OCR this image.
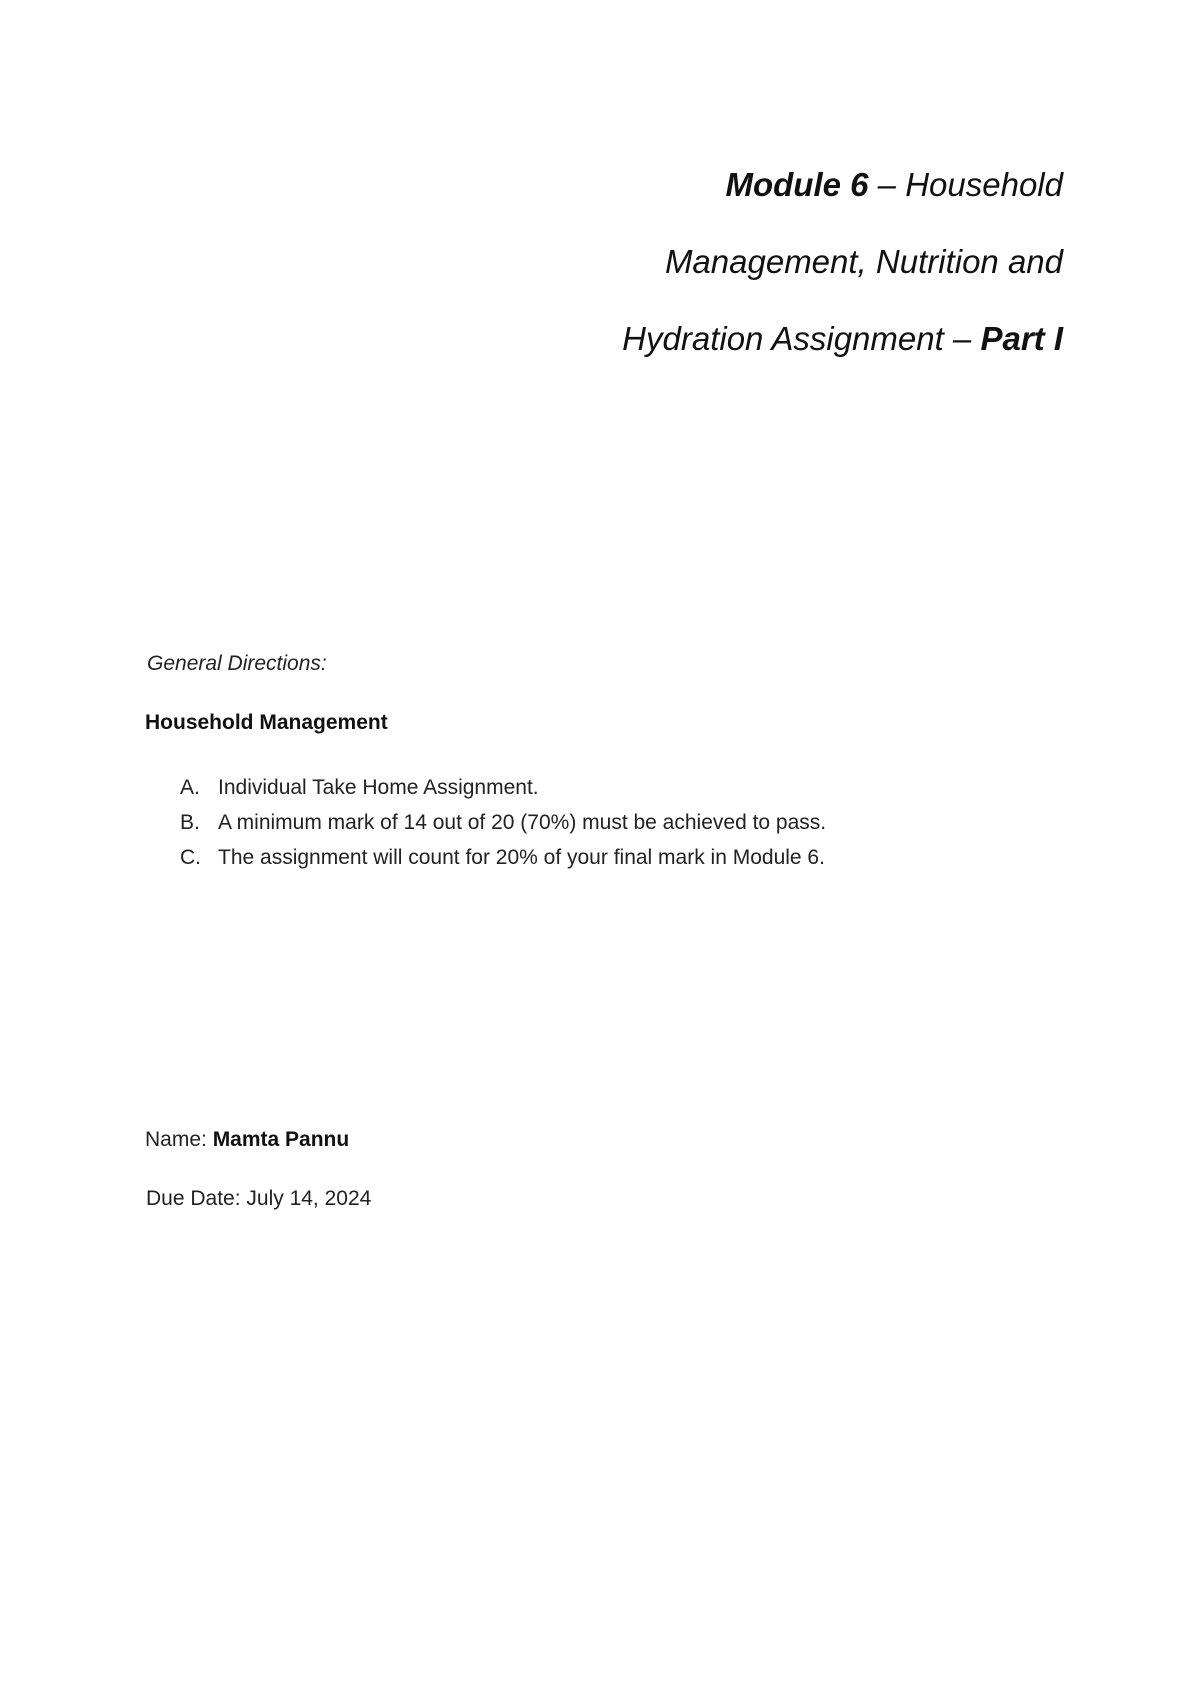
Module 6 – Household
Management, Nutrition and
Hydration Assignment – Part I
General Directions:
Household Management
A. Individual Take Home Assignment.
B. A minimum mark of 14 out of 20 (70%) must be achieved to pass.
C. The assignment will count for 20% of your final mark in Module 6.
Name: Mamta Pannu
Due Date: July 14, 2024
